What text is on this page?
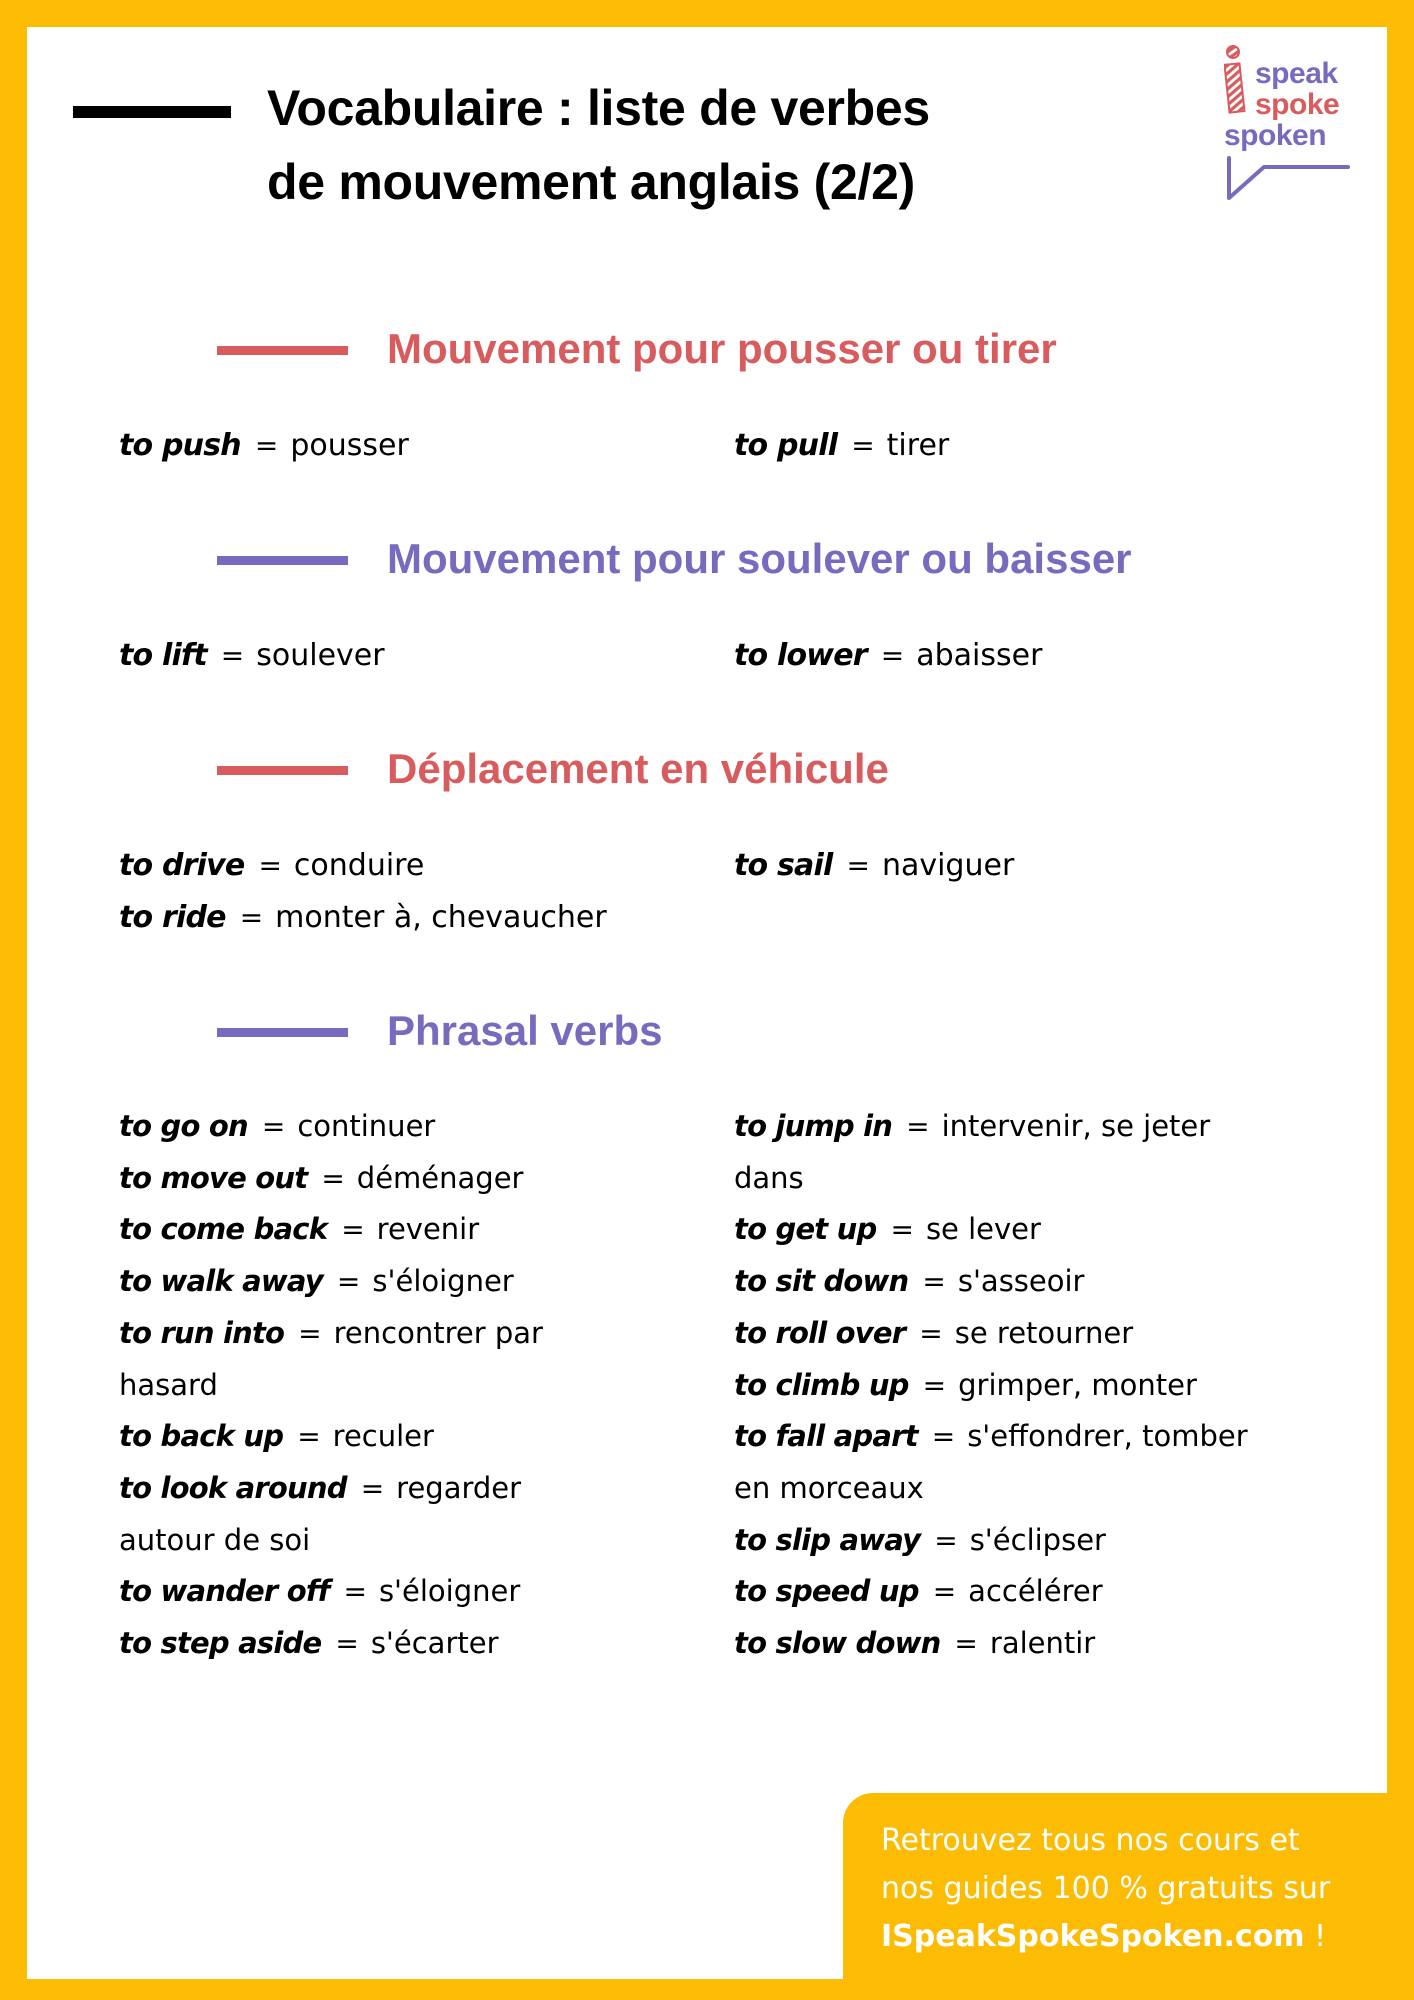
Vocabulaire : liste de verbes
de mouvement anglais (2/2)
speak
spoke
spoken
Mouvement pour pousser ou tirer
to push = pousser	to pull = tirer
Mouvement pour soulever ou baisser
to lift = soulever	to lower = abaisser
Déplacement en véhicule
to drive = conduire
to ride = monter à, chevaucher
to sail = naviguer
Phrasal verbs
to go on = continuer
to move out = déménager
to come back = revenir
to walk away = s'éloigner
to run into = rencontrer par hasard
to back up = reculer
to look around = regarder autour de soi
to wander off = s'éloigner
to step aside = s'écarter
to jump in = intervenir, se jeter dans
to get up = se lever
to sit down = s'asseoir
to roll over = se retourner
to climb up = grimper, monter
to fall apart = s'effondrer, tomber en morceaux
to slip away = s'éclipser
to speed up = accélérer
to slow down = ralentir
Retrouvez tous nos cours et
nos guides 100 % gratuits sur
ISpeakSpokeSpoken.com !
